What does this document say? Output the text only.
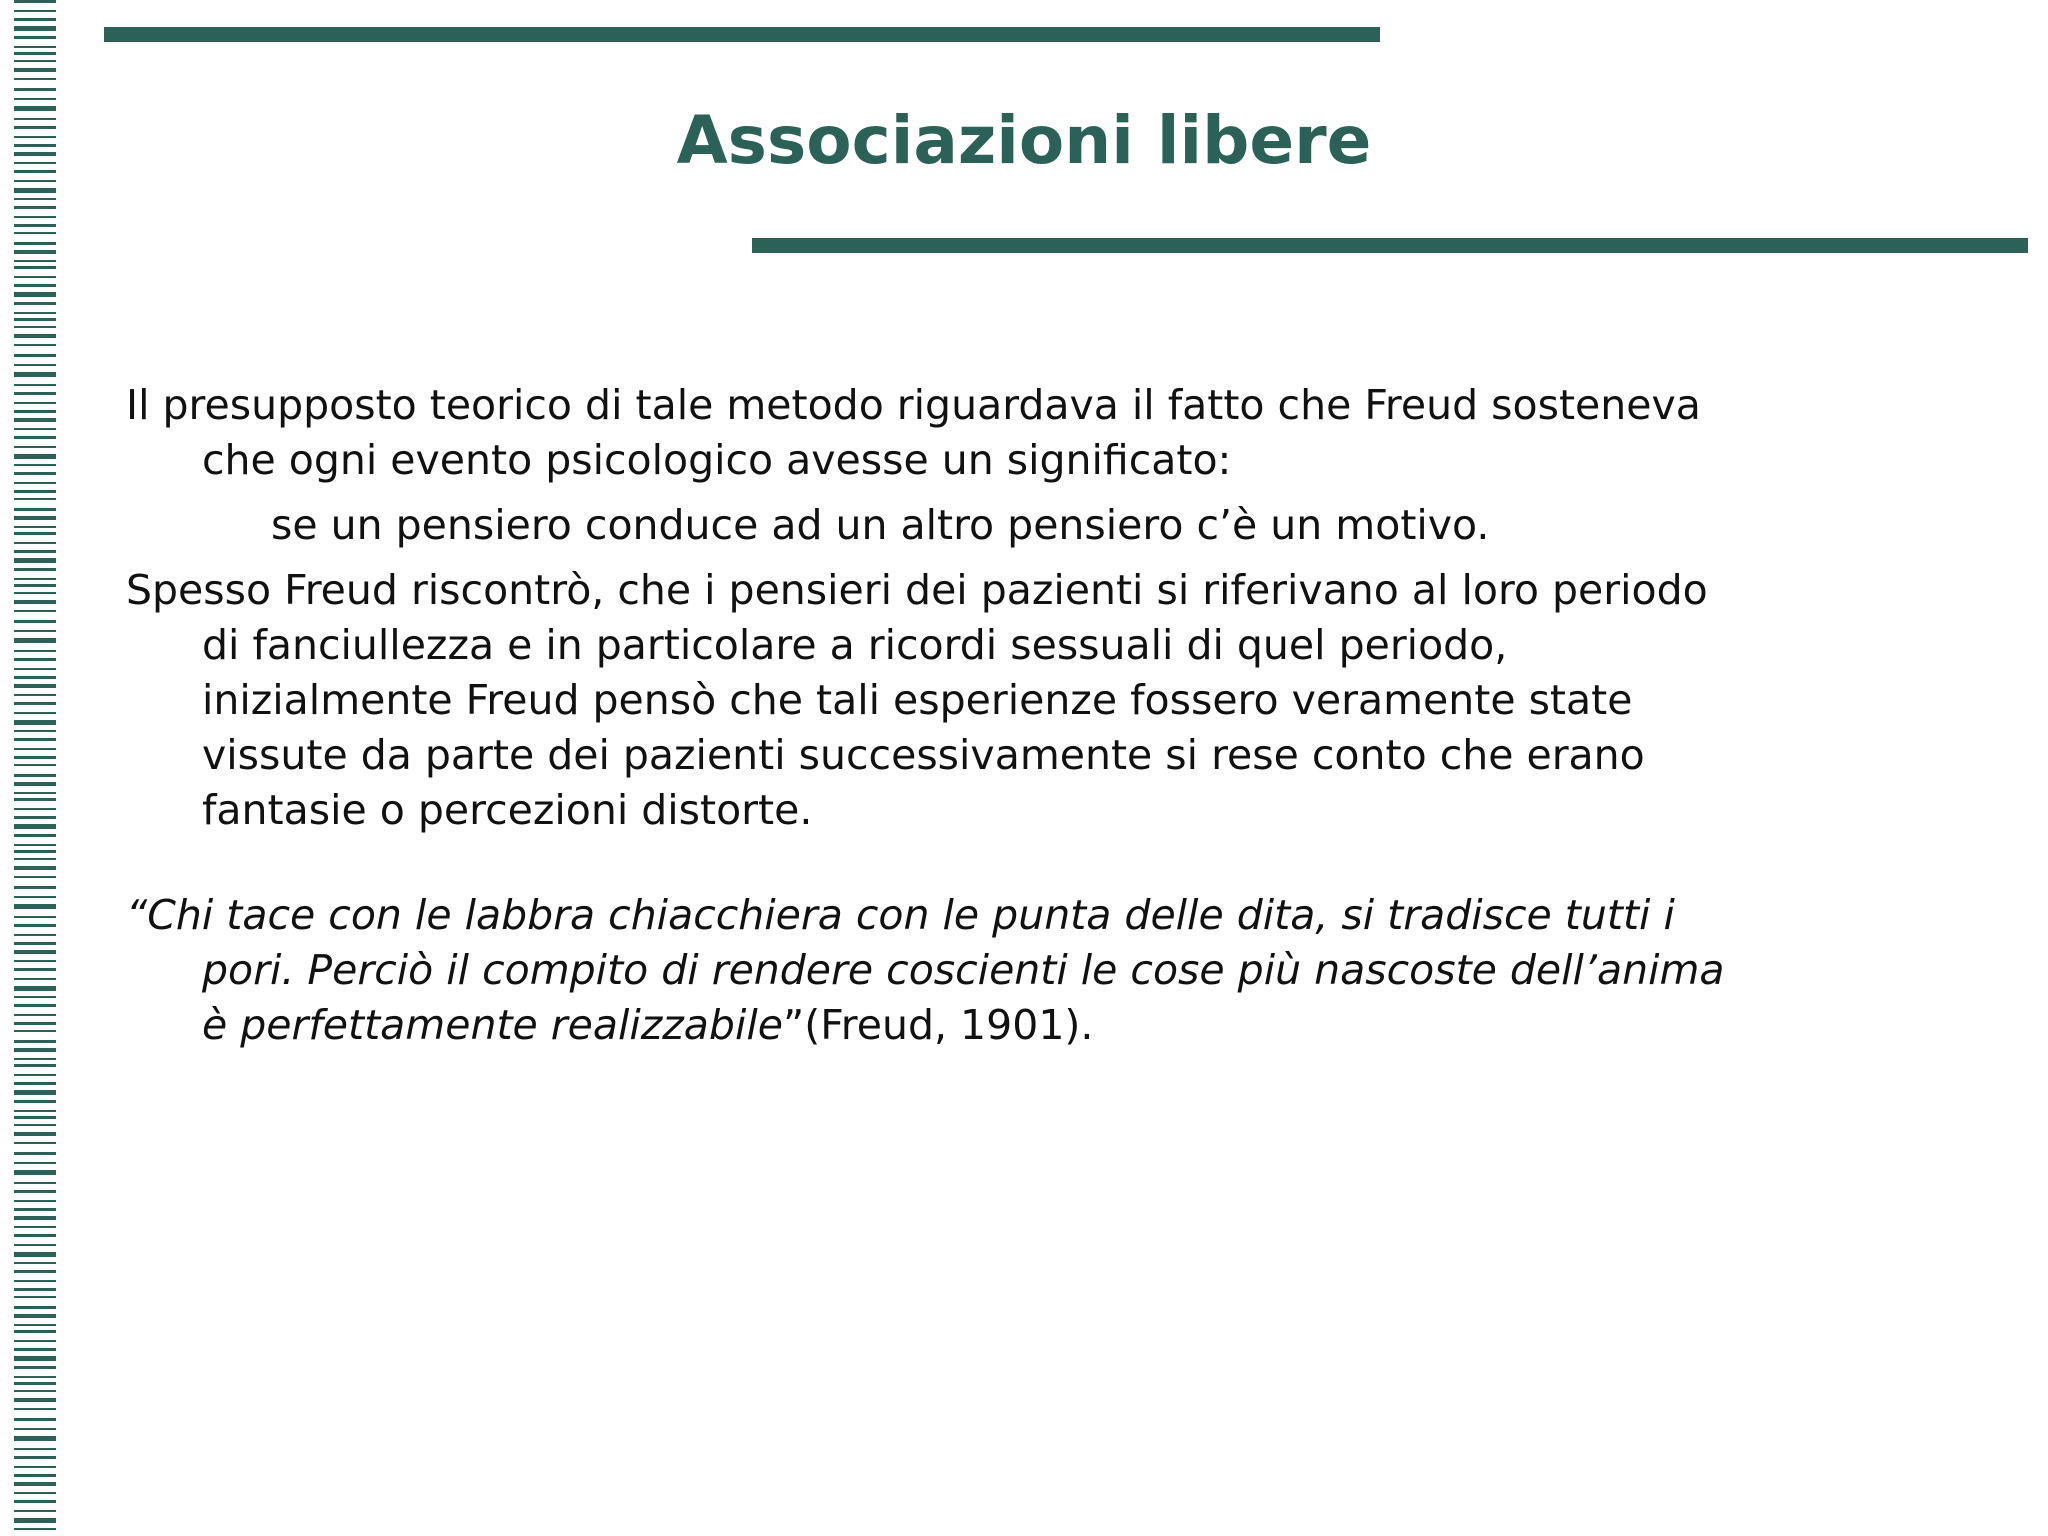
Associazioni libere

Il presupposto teorico di tale metodo riguardava il fatto che Freud sosteneva
che ogni evento psicologico avesse un significato:

se un pensiero conduce ad un altro pensiero c’è un motivo.

Spesso Freud riscontrò, che i pensieri dei pazienti si riferivano al loro periodo
di fanciullezza e in particolare a ricordi sessuali di quel periodo,
inizialmente Freud pensò che tali esperienze fossero veramente state
vissute da parte dei pazienti successivamente si rese conto che erano
fantasie o percezioni distorte.

“Chi tace con le labbra chiacchiera con le punta delle dita, si tradisce tutti i
pori. Perciò il compito di rendere coscienti le cose più nascoste dell’anima
è perfettamente realizzabile”(Freud, 1901).
